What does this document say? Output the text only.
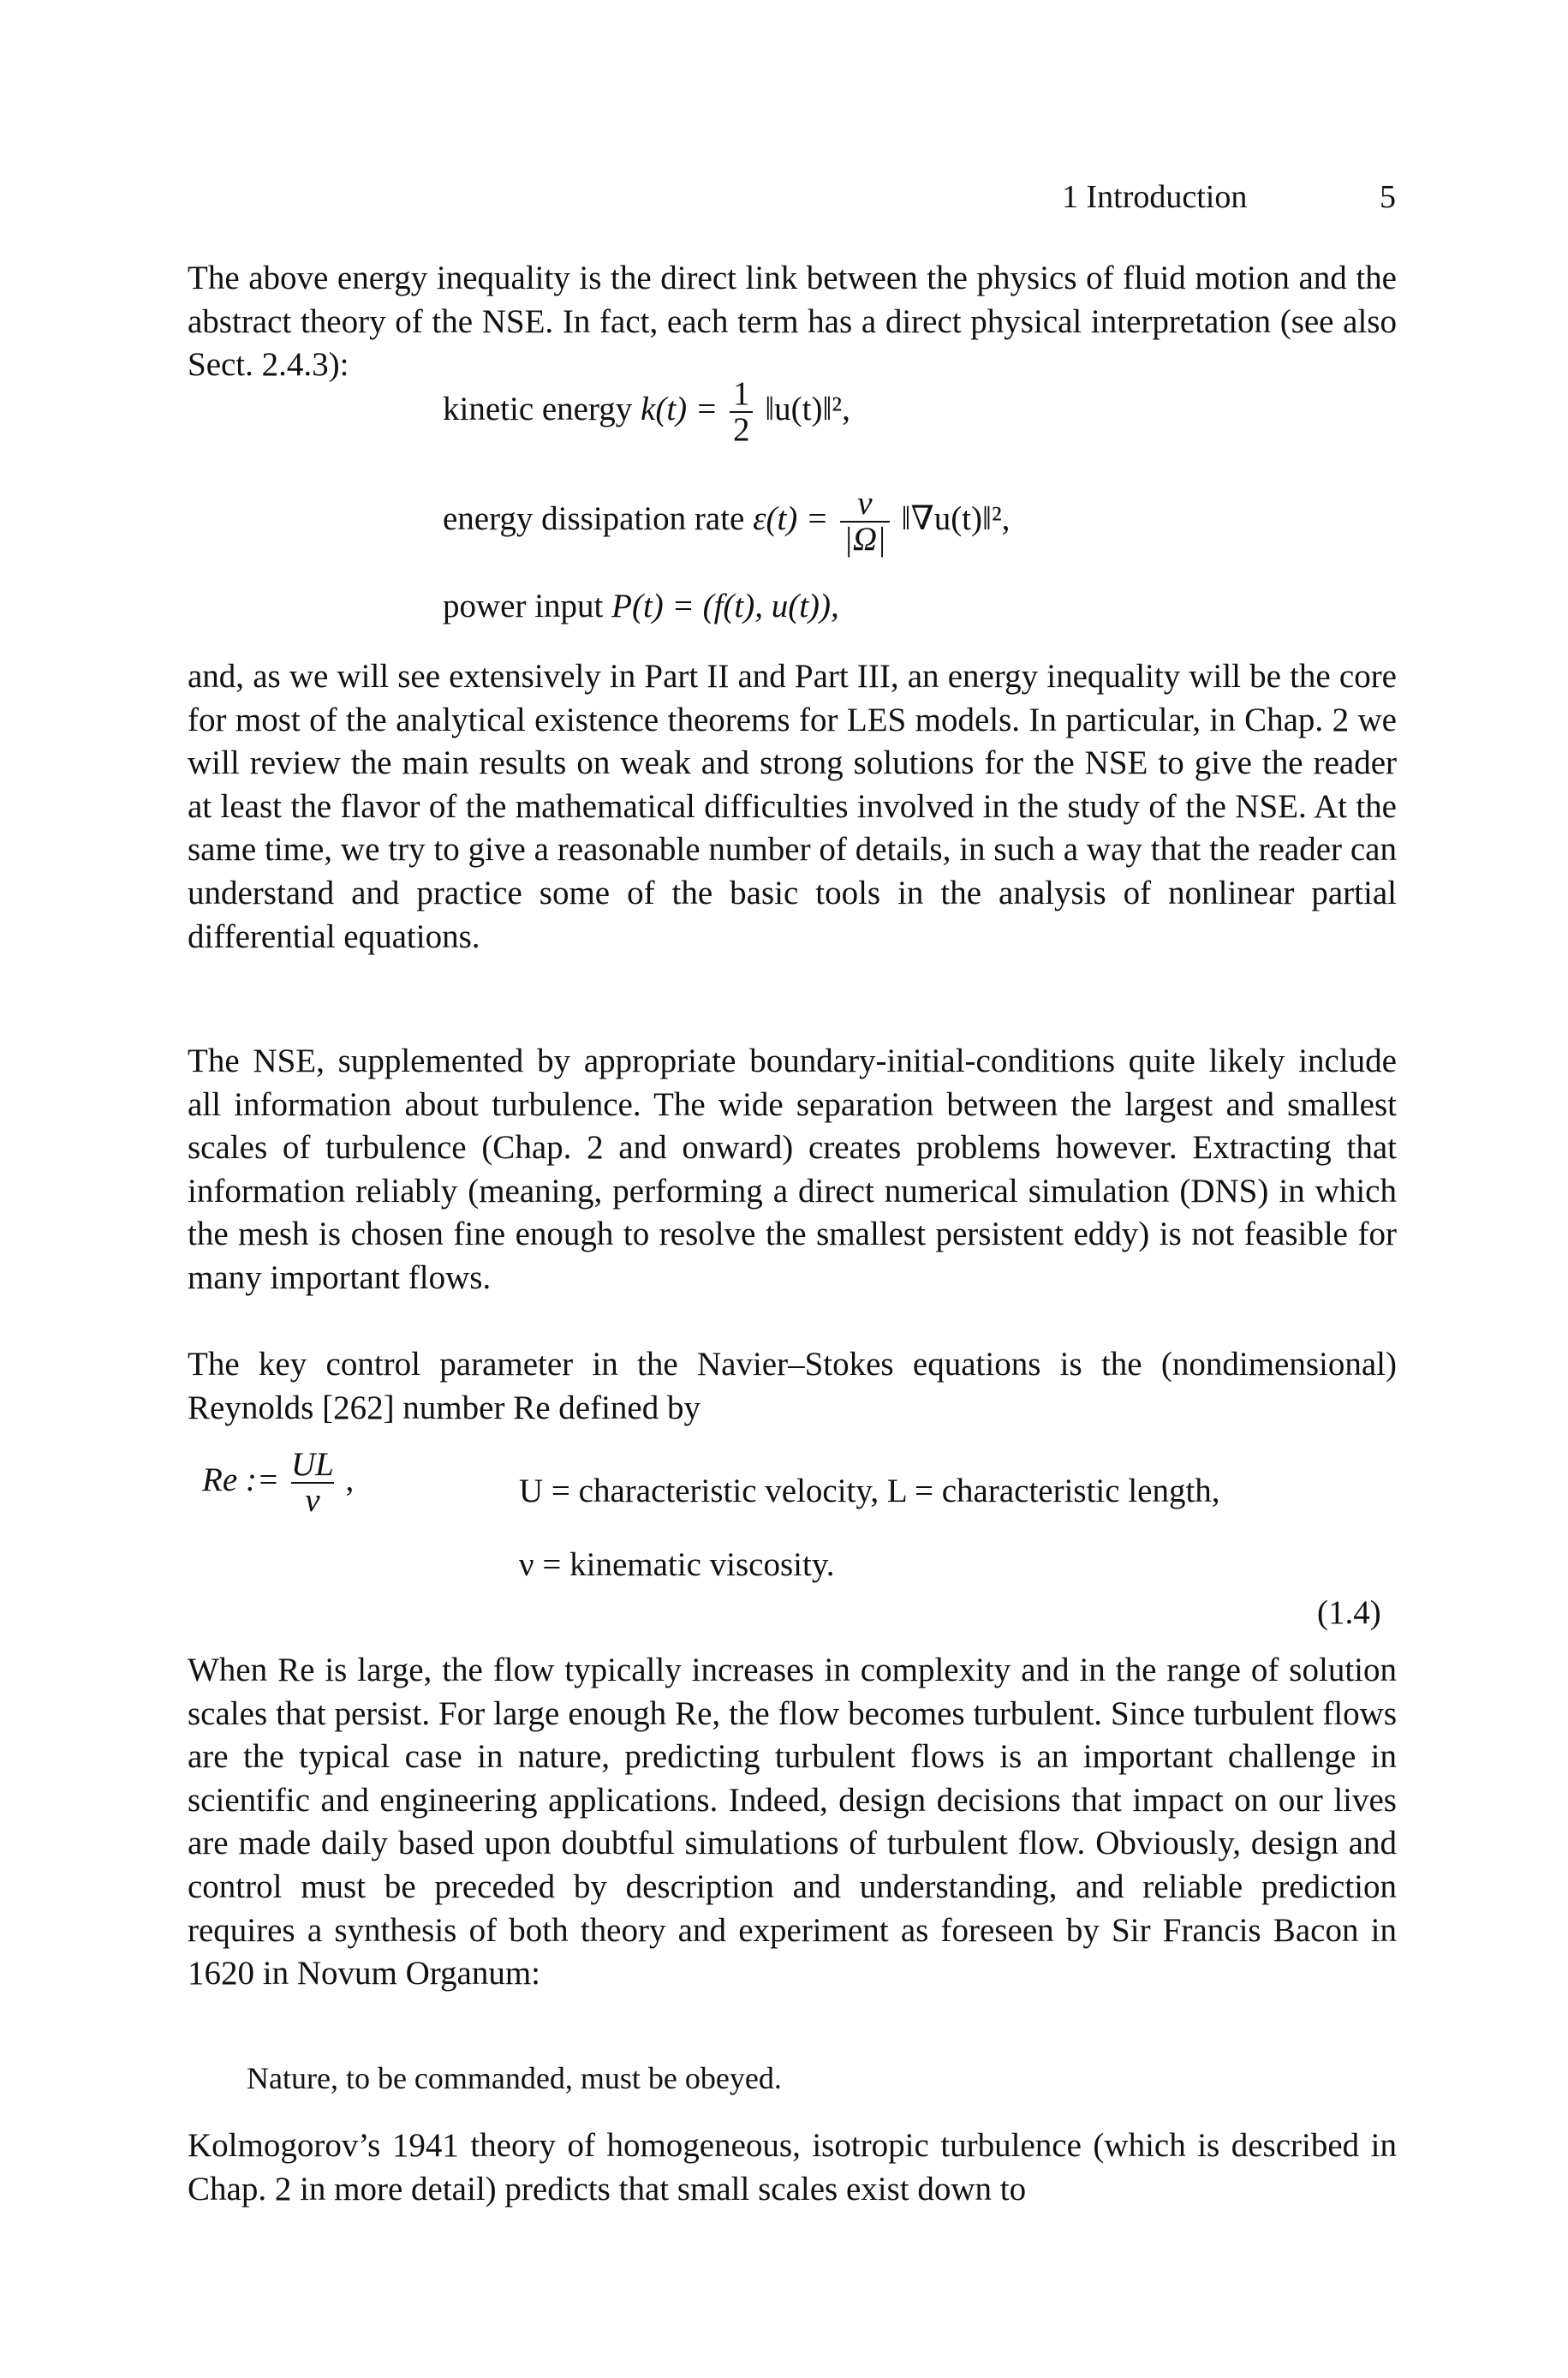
1 Introduction	5

The above energy inequality is the direct link between the physics of fluid motion and the abstract theory of the NSE. In fact, each term has a direct physical interpretation (see also Sect. 2.4.3):

kinetic energy $k(t) = \frac{1}{2}$ ‖u(t)‖²,
energy dissipation rate $\varepsilon(t) = \frac{\nu}{|\Omega|}$ ‖∇u(t)‖²,
power input P(t) = (f(t), u(t)),

and, as we will see extensively in Part II and Part III, an energy inequality will be the core for most of the analytical existence theorems for LES models. In particular, in Chap. 2 we will review the main results on weak and strong solutions for the NSE to give the reader at least the flavor of the mathematical difficulties involved in the study of the NSE. At the same time, we try to give a reasonable number of details, in such a way that the reader can understand and practice some of the basic tools in the analysis of nonlinear partial differential equations.

The NSE, supplemented by appropriate boundary-initial-conditions quite likely include all information about turbulence. The wide separation between the largest and smallest scales of turbulence (Chap. 2 and onward) creates problems however. Extracting that information reliably (meaning, performing a direct numerical simulation (DNS) in which the mesh is chosen fine enough to resolve the smallest persistent eddy) is not feasible for many important flows.

The key control parameter in the Navier–Stokes equations is the (nondimensional) Reynolds [262] number Re defined by

Re := $\frac{UL}{\nu}$ ,	U = characteristic velocity, L = characteristic length,
ν = kinematic viscosity.
(1.4)

When Re is large, the flow typically increases in complexity and in the range of solution scales that persist. For large enough Re, the flow becomes turbulent. Since turbulent flows are the typical case in nature, predicting turbulent flows is an important challenge in scientific and engineering applications. Indeed, design decisions that impact on our lives are made daily based upon doubtful simulations of turbulent flow. Obviously, design and control must be preceded by description and understanding, and reliable prediction requires a synthesis of both theory and experiment as foreseen by Sir Francis Bacon in 1620 in Novum Organum:

Nature, to be commanded, must be obeyed.

Kolmogorov’s 1941 theory of homogeneous, isotropic turbulence (which is described in Chap. 2 in more detail) predicts that small scales exist down to
